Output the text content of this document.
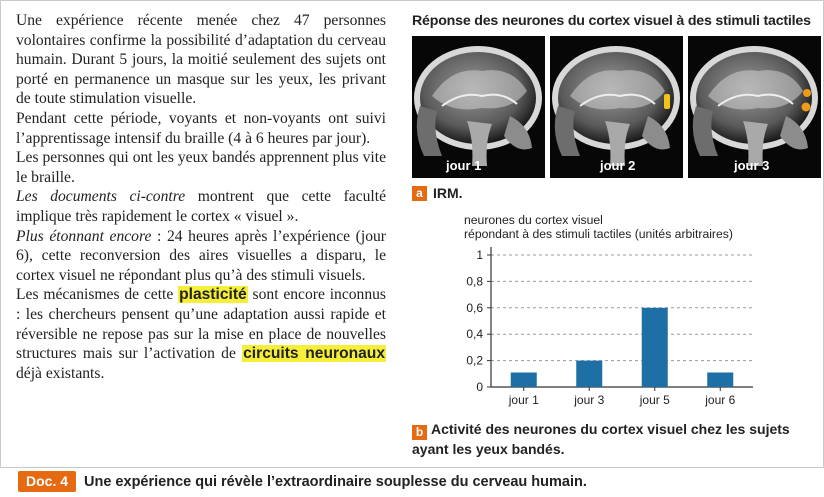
Une expérience récente menée chez 47 personnes volontaires confirme la possibilité d’adaptation du cerveau humain. Durant 5 jours, la moitié seulement des sujets ont porté en permanence un masque sur les yeux, les privant de toute stimulation visuelle.

Pendant cette période, voyants et non-voyants ont suivi l’apprentissage intensif du braille (4 à 6 heures par jour).

Les personnes qui ont les yeux bandés apprennent plus vite le braille.

Les documents ci-contre montrent que cette faculté implique très rapidement le cortex « visuel ».

Plus étonnant encore : 24 heures après l’expérience (jour 6), cette reconversion des aires visuelles a disparu, le cortex visuel ne répondant plus qu’à des stimuli visuels.

Les mécanismes de cette plasticité sont encore inconnus : les chercheurs pensent qu’une adaptation aussi rapide et réversible ne repose pas sur la mise en place de nouvelles structures mais sur l’activation de circuits neuronaux déjà existants.

Réponse des neurones du cortex visuel à des stimuli tactiles
jour 1	jour 2	jour 3
a IRM.
neurones du cortex visuel
répondant à des stimuli tactiles (unités arbitraires)
0
0,2
0,4
0,6
0,8
1
jour 1	jour 3	jour 5	jour 6
b Activité des neurones du cortex visuel chez les sujets ayant les yeux bandés.
Doc. 4	Une expérience qui révèle l’extraordinaire souplesse du cerveau humain.
